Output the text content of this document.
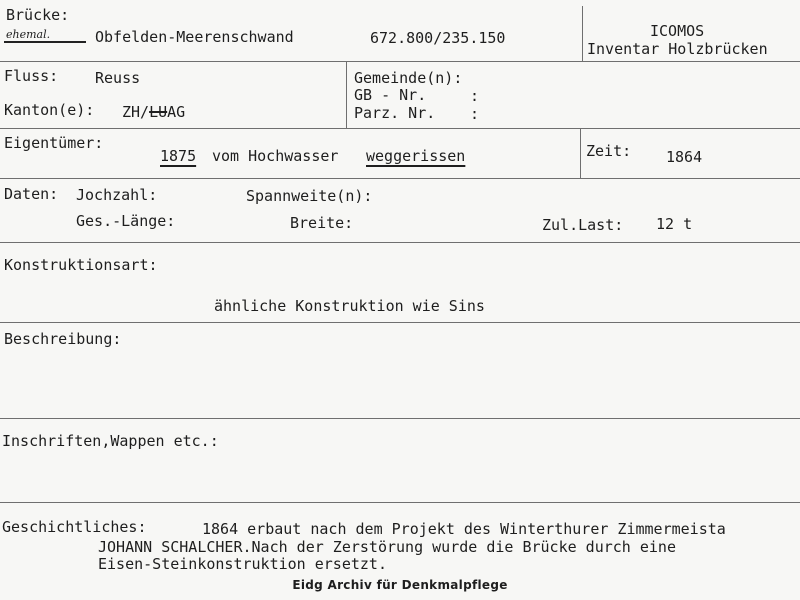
Brücke:
ehemal.	Obfelden-Meerenschwand	672.800/235.150	ICOMOS
Inventar Holzbrücken
Fluss: Reuss
Kanton(e): ZH/LUAG
Gemeinde(n):
GB - Nr.	:
Parz. Nr. :
Eigentümer:
1875 vom Hochwasser weggerissen	Zeit: 1864
Daten: Jochzahl:	Spannweite(n):
Ges.-Länge:	Breite:	Zul.Last: 12 t
Konstruktionsart:
ähnliche Konstruktion wie Sins
Beschreibung:
Inschriften,Wappen etc.:
Geschichtliches:	1864 erbaut nach dem Projekt des Winterthurer Zimmermeista
JOHANN SCHALCHER.Nach der Zerstörung wurde die Brücke durch eine
Eisen-Steinkonstruktion ersetzt.
Eidg Archiv für Denkmalpflege
